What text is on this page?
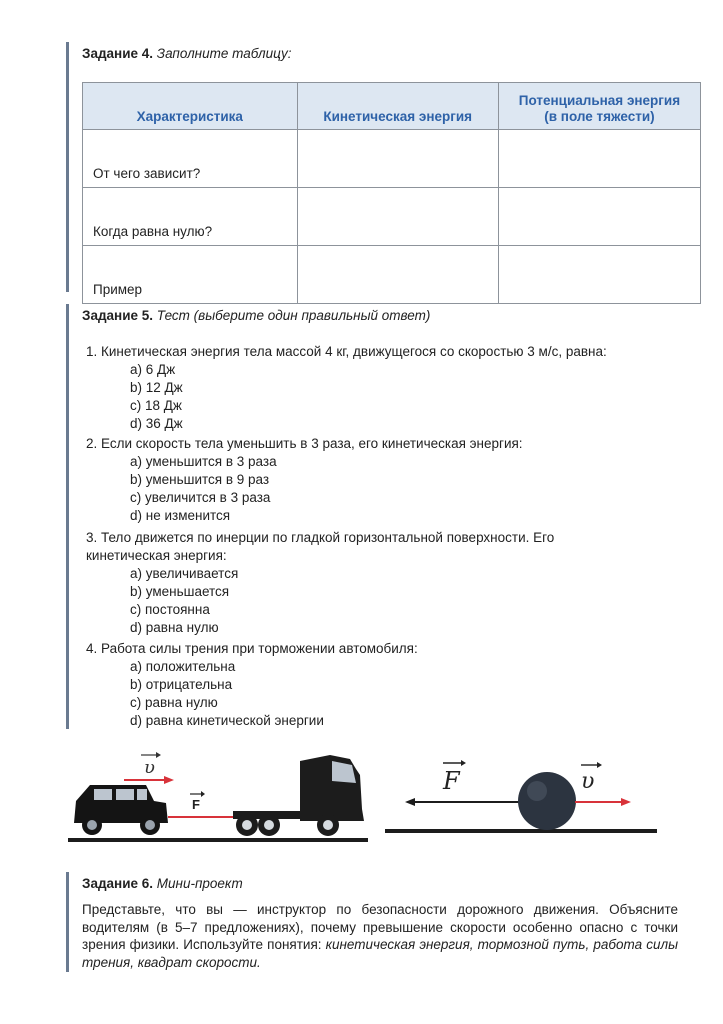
Задание 4. Заполните таблицу:
Характеристика	Кинетическая энергия	Потенциальная энергия
(в поле тяжести)
От чего зависит?		
Когда равна нулю?		
Пример		
Задание 5. Тест (выберите один правильный ответ)
1. Кинетическая энергия тела массой 4 кг, движущегося со скоростью 3 м/с, равна:
a) 6 Дж
b) 12 Дж
c) 18 Дж
d) 36 Дж
2. Если скорость тела уменьшить в 3 раза, его кинетическая энергия:
a) уменьшится в 3 раза
b) уменьшится в 9 раз
c) увеличится в 3 раза
d) не изменится
3. Тело движется по инерции по гладкой горизонтальной поверхности. Его кинетическая энергия:
a) увеличивается
b) уменьшается
c) постоянна
d) равна нулю
4. Работа силы трения при торможении автомобиля:
a) положительна
b) отрицательна
c) равна нулю
d) равна кинетической энергии
υ
F
F	υ
Задание 6. Мини-проект
Представьте, что вы — инструктор по безопасности дорожного движения. Объясните водителям (в 5–7 предложениях), почему превышение скорости особенно опасно с точки зрения физики. Используйте понятия: кинетическая энергия, тормозной путь, работа силы трения, квадрат скорости.
